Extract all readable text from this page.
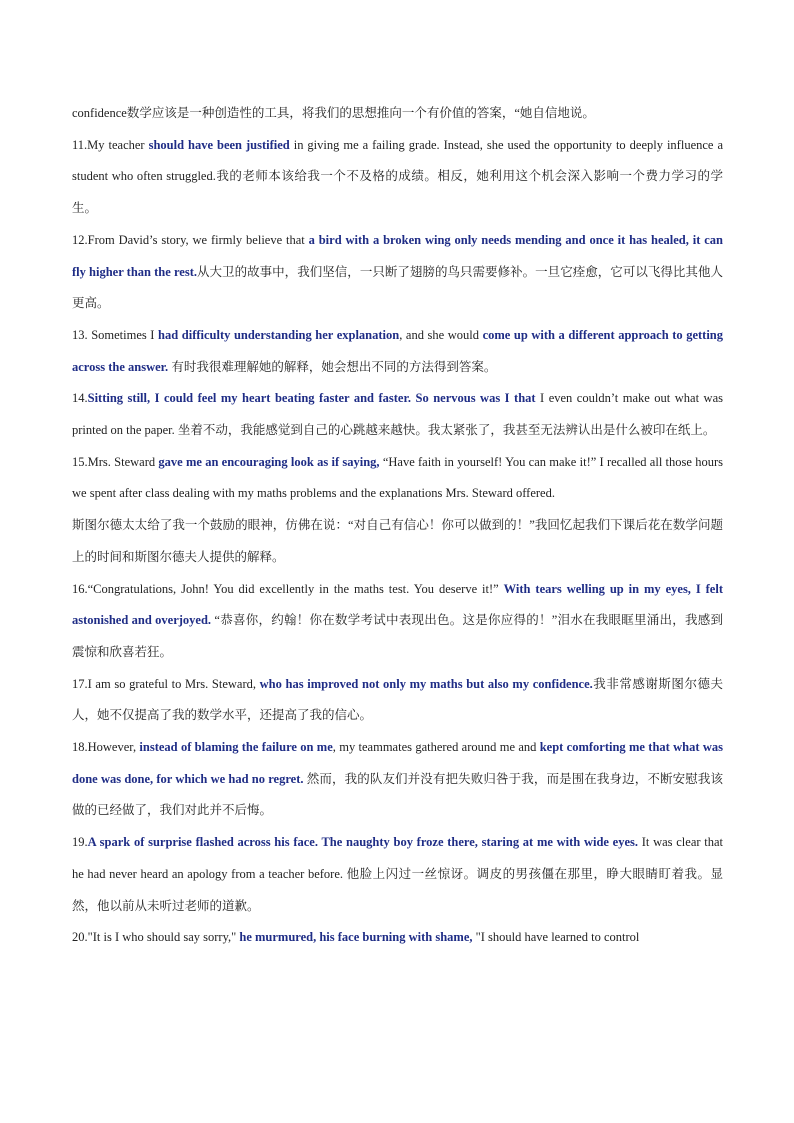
confidence数学应该是一种创造性的工具，将我们的思想推向一个有价值的答案，“她自信地说。

11.My teacher should have been justified in giving me a failing grade. Instead, she used the opportunity to deeply influence a student who often struggled.我的老师本该给我一个不及格的成绩。相反，她利用这个机会深入影响一个费力学习的学生。

12.From David’s story, we firmly believe that a bird with a broken wing only needs mending and once it has healed, it can fly higher than the rest.从大卫的故事中，我们坚信，一只断了翅膀的鸟只需要修补。一旦它痊愈，它可以飞得比其他人更高。

13. Sometimes I had difficulty understanding her explanation, and she would come up with a different approach to getting across the answer. 有时我很难理解她的解释，她会想出不同的方法得到答案。

14.Sitting still, I could feel my heart beating faster and faster. So nervous was I that I even couldn’t make out what was printed on the paper. 坐着不动，我能感觉到自己的心跳越来越快。我太紧张了，我甚至无法辨认出是什么被印在纸上。

15.Mrs. Steward gave me an encouraging look as if saying, “Have faith in yourself! You can make it!” I recalled all those hours we spent after class dealing with my maths problems and the explanations Mrs. Steward offered.

斯图尔德太太给了我一个鼓励的眼神，仿佛在说：“对自己有信心！你可以做到的！”我回忆起我们下课后花在数学问题上的时间和斯图尔德夫人提供的解释。

16.“Congratulations, John! You did excellently in the maths test. You deserve it!” With tears welling up in my eyes, I felt astonished and overjoyed. “恭喜你，约翰！你在数学考试中表现出色。这是你应得的！”泪水在我眼眶里涌出，我感到震惊和欣喜若狂。

17.I am so grateful to Mrs. Steward, who has improved not only my maths but also my confidence.我非常感谢斯图尔德夫人，她不仅提高了我的数学水平，还提高了我的信心。

18.However, instead of blaming the failure on me, my teammates gathered around me and kept comforting me that what was done was done, for which we had no regret. 然而，我的队友们并没有把失败归咎于我，而是围在我身边，不断安慰我该做的已经做了，我们对此并不后悔。

19.A spark of surprise flashed across his face. The naughty boy froze there, staring at me with wide eyes. It was clear that he had never heard an apology from a teacher before. 他脸上闪过一丝惊讶。调皮的男孩僵在那里，睁大眼睛盯着我。显然，他以前从未听过老师的道歉。

20."It is I who should say sorry," he murmured, his face burning with shame, "I should have learned to control
